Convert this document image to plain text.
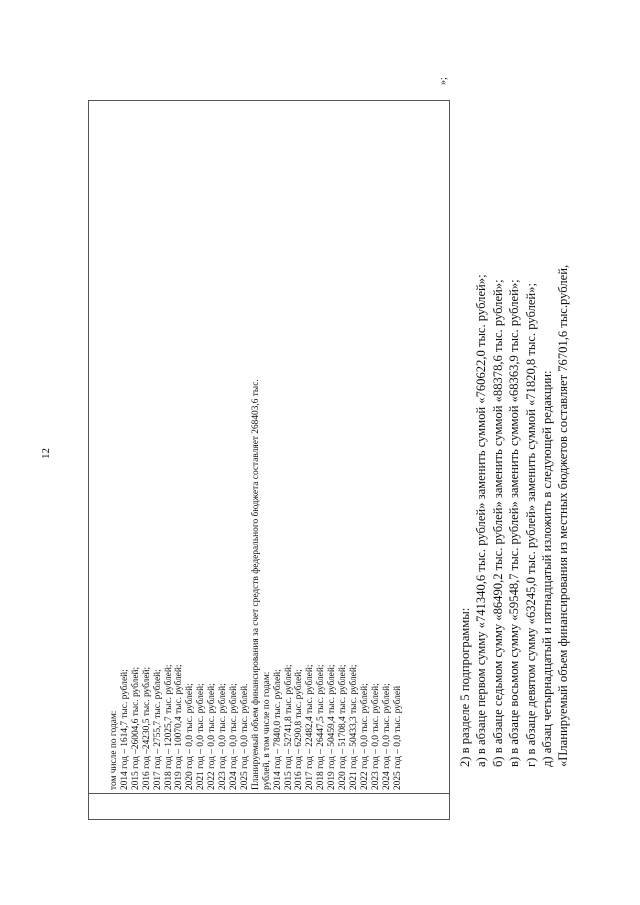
12
том числе по годам: 2014 год – 1614,7 тыс. рублей; 2015 год –26004,6 тыс. рублей; 2016 год –24230,5 тыс. рублей; 2017 год – 2755,7 тыс. рублей; 2018 год – 12025,7 тыс. рублей; 2019 год – 10070,4 тыс. рублей; 2020 год – 0,0 тыс. рублей; 2021 год – 0,0 тыс. рублей; 2022 год – 0,0 тыс. рублей; 2023 год – 0,0 тыс. рублей; 2024 год – 0,0 тыс. рублей; 2025 год – 0,0 тыс. рублей. Планируемый объем финансирования за счет средств федерального бюджета составляет 268403,6 тыс. рублей, в том числе по годам: 2014 год – 7840,0 тыс. рублей; 2015 год – 52741,8 тыс. рублей; 2016 год – 6290,8 тыс. рублей; 2017 год – 22482,4 тыс. рублей; 2018 год – 26447,5 тыс. рублей; 2019 год – 50459,4 тыс. рублей; 2020 год – 51708,4 тыс. рублей; 2021 год – 50433,3 тыс. рублей; 2022 год – 0,0 тыс. рублей; 2023 год – 0,0 тыс. рублей; 2024 год – 0,0 тыс. рублей; 2025 год – 0,0 тыс. рублей
»;
2) в разделе 5 подпрограммы: а) в абзаце первом сумму «741340,6 тыс. рублей» заменить суммой «760622,0 тыс. рублей»; б) в абзаце седьмом сумму «86490,2 тыс. рублей» заменить суммой «88378,6 тыс. рублей»; в) в абзаце восьмом сумму «59548,7 тыс. рублей» заменить суммой «68363,9 тыс. рублей»; г) в абзаце девятом сумму «63245,0 тыс. рублей» заменить суммой «71820,8 тыс. рублей»; д) абзац четырнадцатый и пятнадцатый изложить в следующей редакции: «Планируемый объем финансирования из местных бюджетов составляет 76701,6 тыс.рублей,
